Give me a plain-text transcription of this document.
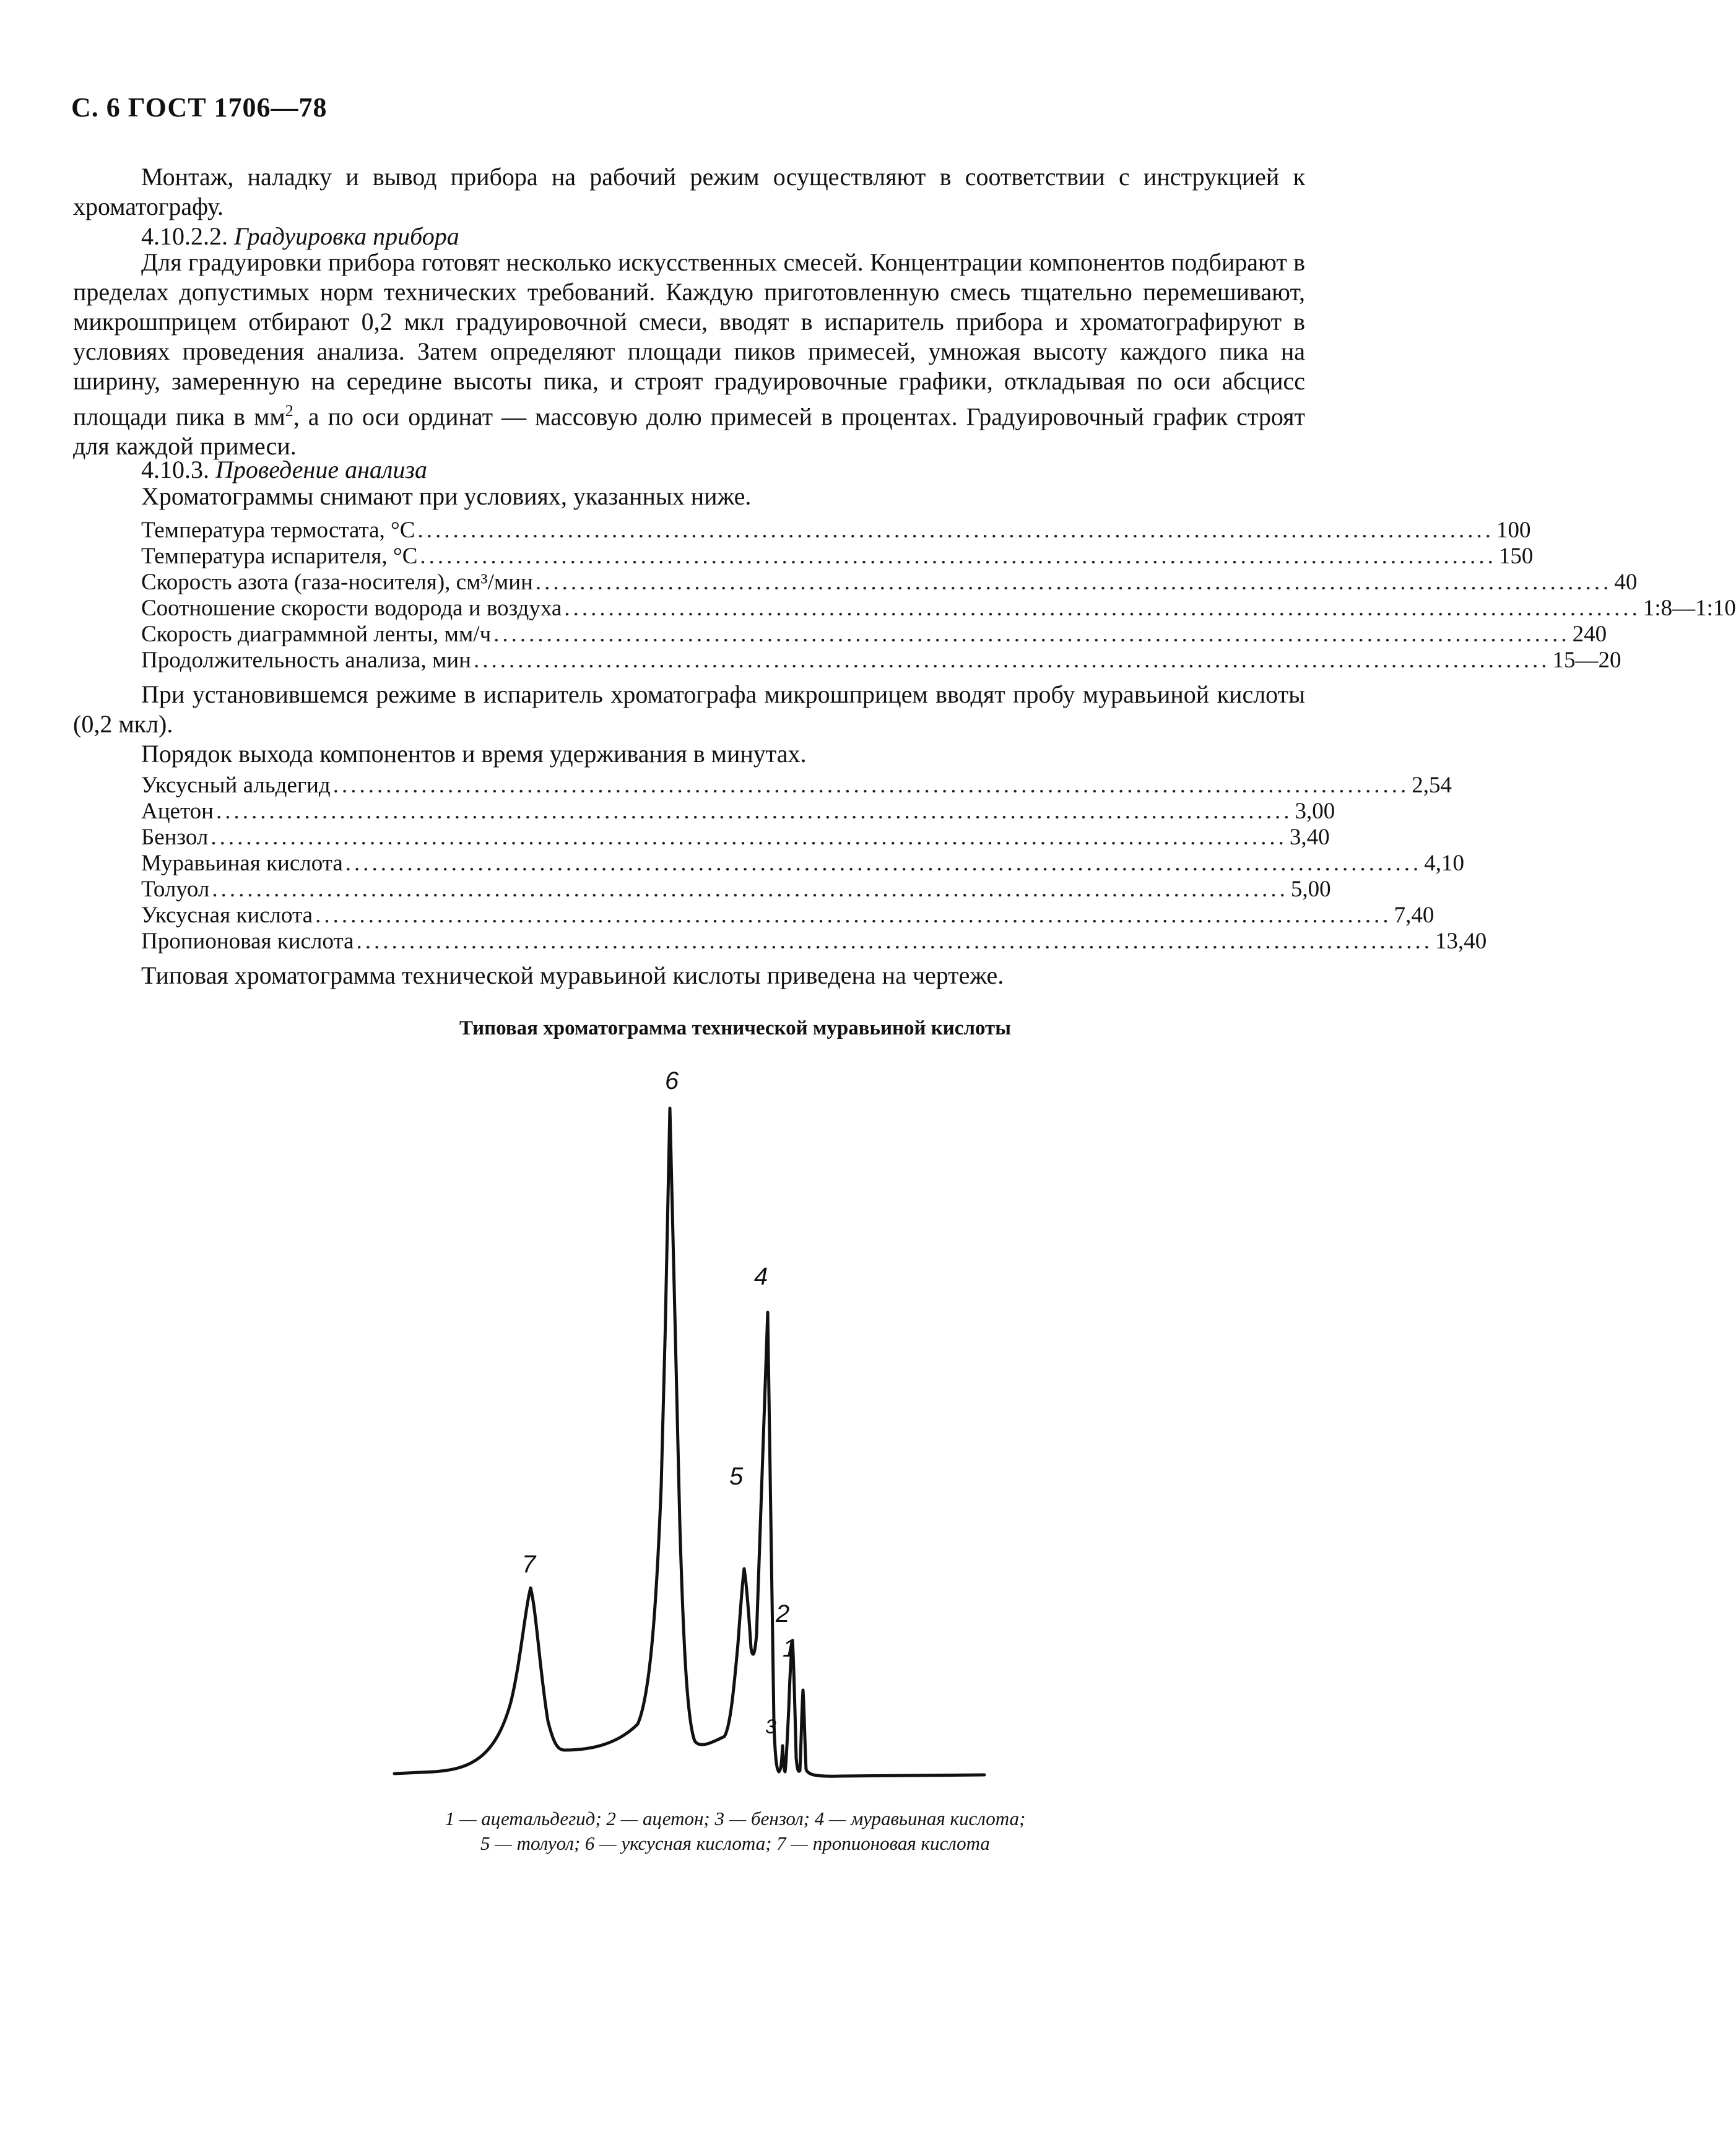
С. 6 ГОСТ 1706—78
Монтаж, наладку и вывод прибора на рабочий режим осуществляют в соответствии с инструкцией к хроматографу.
4.10.2.2. Градуировка прибора
Для градуировки прибора готовят несколько искусственных смесей. Концентрации компонентов подбирают в пределах допустимых норм технических требований. Каждую приготовленную смесь тщательно перемешивают, микрошприцем отбирают 0,2 мкл градуировочной смеси, вводят в испаритель прибора и хроматографируют в условиях проведения анализа. Затем определяют площади пиков примесей, умножая высоту каждого пика на ширину, замеренную на середине высоты пика, и строят градуировочные графики, откладывая по оси абсцисс площади пика в $мм^2$, а по оси ординат — массовую долю примесей в процентах. Градуировочный график строят для каждой примеси.
4.10.3. Проведение анализа
Хроматограммы снимают при условиях, указанных ниже.
Температура термостата, °С .......................................................................................................................... 100
Температура испарителя, °С .......................................................................................................................... 150
Скорость азота (газа-носителя), см³/мин .......................................................................................................................... 40
Соотношение скорости водорода и воздуха .......................................................................................................................... 1:8—1:10
Скорость диаграммной ленты, мм/ч .......................................................................................................................... 240
Продолжительность анализа, мин .......................................................................................................................... 15—20
При установившемся режиме в испаритель хроматографа микрошприцем вводят пробу муравьиной кислоты (0,2 мкл).
Порядок выхода компонентов и время удерживания в минутах.
Уксусный альдегид .......................................................................................................................... 2,54
Ацетон .......................................................................................................................... 3,00
Бензол .......................................................................................................................... 3,40
Муравьиная кислота .......................................................................................................................... 4,10
Толуол .......................................................................................................................... 5,00
Уксусная кислота .......................................................................................................................... 7,40
Пропионовая кислота .......................................................................................................................... 13,40
Типовая хроматограмма технической муравьиной кислоты приведена на чертеже.
Типовая хроматограмма технической муравьиной кислоты
1
2
3
4
5
6
7
1 — ацетальдегид; 2 — ацетон; 3 — бензол; 4 — муравьиная кислота;
5 — толуол; 6 — уксусная кислота; 7 — пропионовая кислота
